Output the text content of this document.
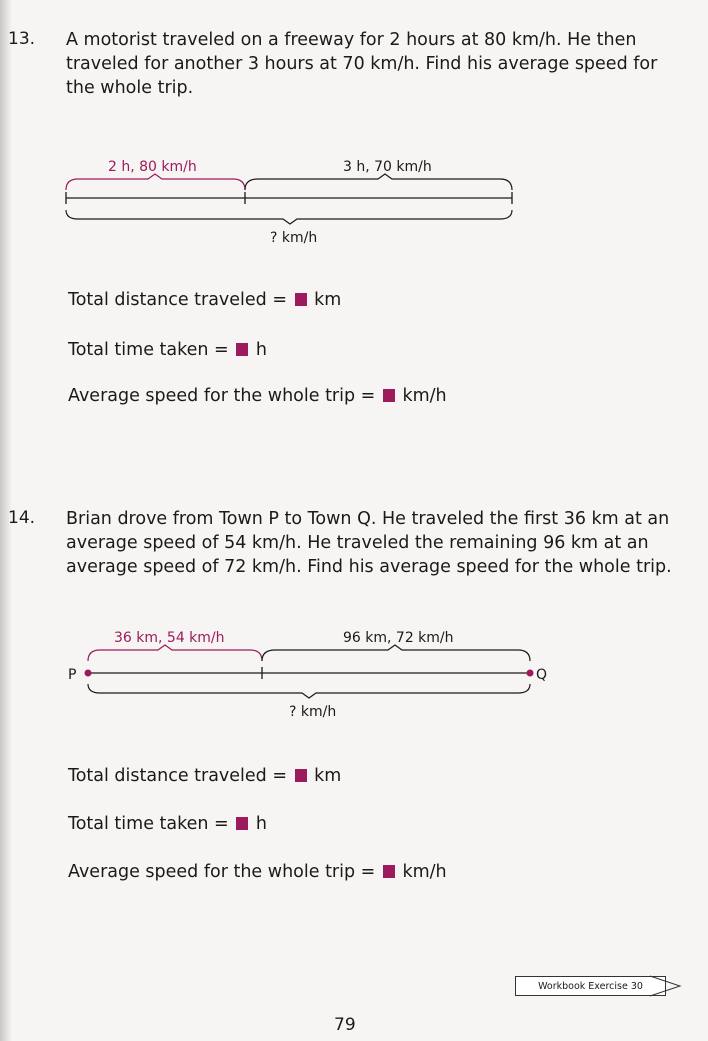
13. A motorist traveled on a freeway for 2 hours at 80 km/h. He then traveled for another 3 hours at 70 km/h. Find his average speed for the whole trip.
2 h, 80 km/h	3 h, 70 km/h
? km/h
Total distance traveled =  km
Total time taken =  h
Average speed for the whole trip =  km/h
14. Brian drove from Town P to Town Q. He traveled the first 36 km at an average speed of 54 km/h. He traveled the remaining 96 km at an average speed of 72 km/h. Find his average speed for the whole trip.
36 km, 54 km/h	96 km, 72 km/h
P	Q
? km/h
Total distance traveled =  km
Total time taken =  h
Average speed for the whole trip =  km/h
Workbook Exercise 30
79
